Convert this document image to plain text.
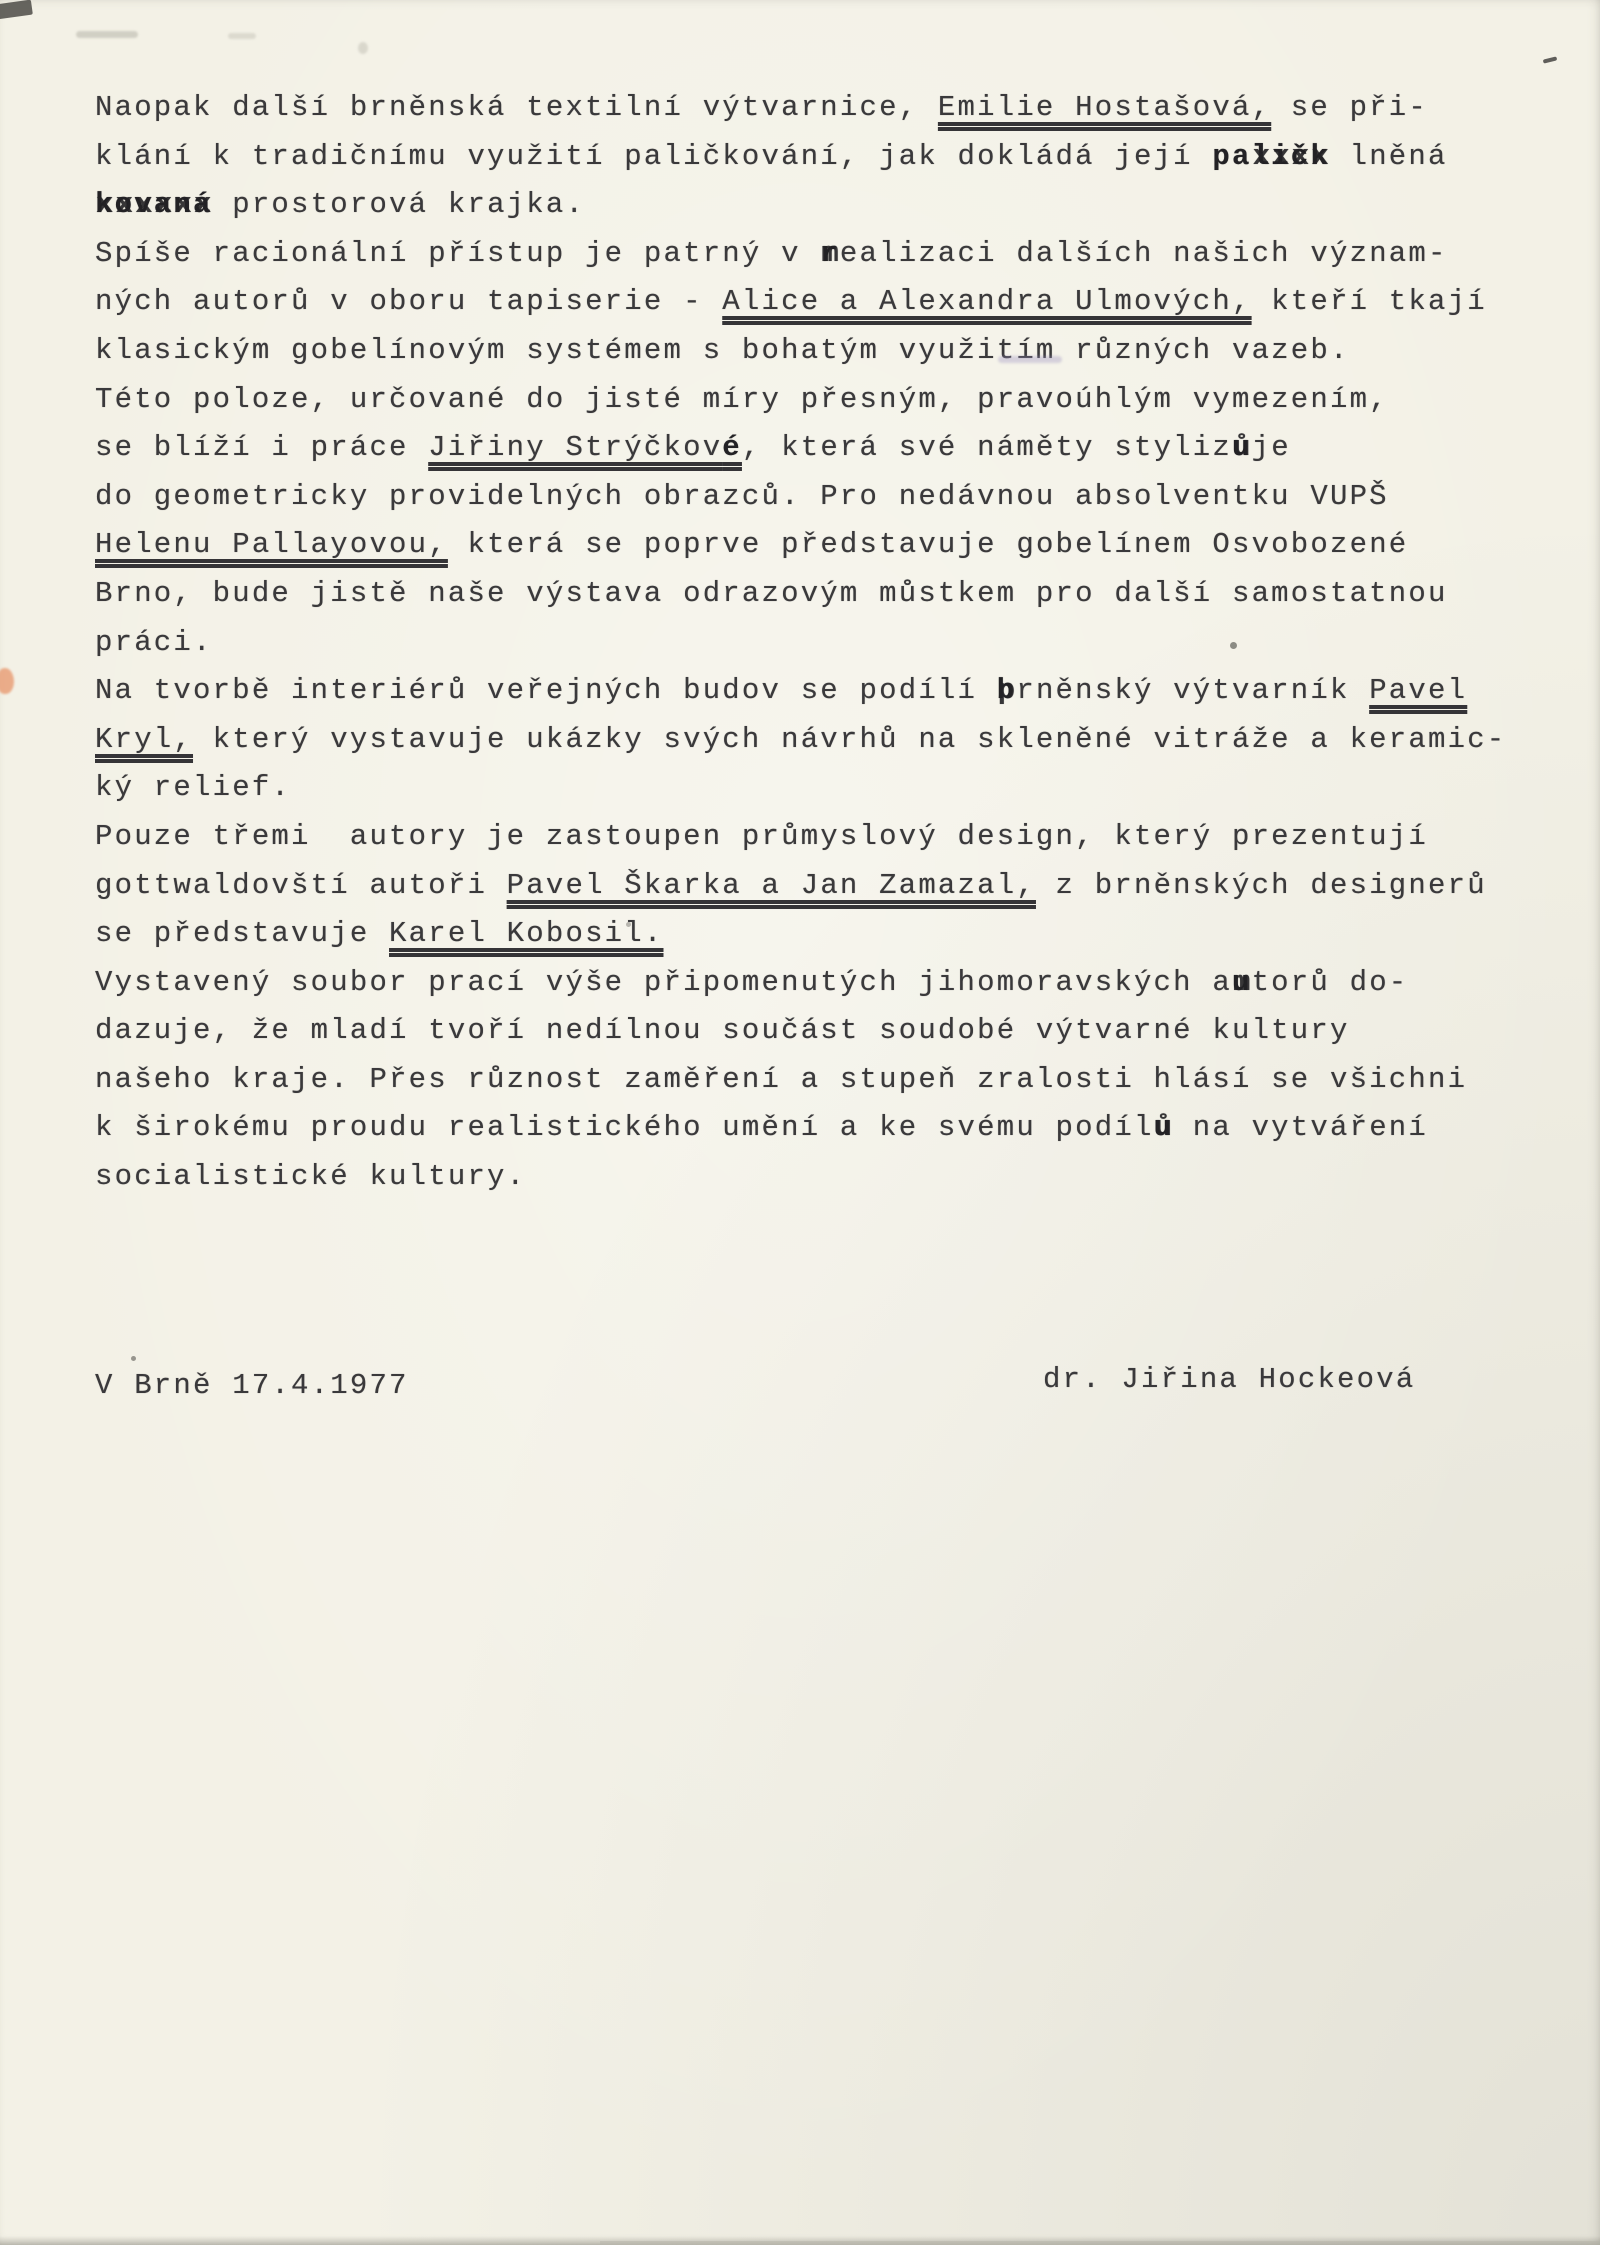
Naopak další brněnská textilní výtvarnice, Emilie Hostašová, se při-
klání k tradičnímu využití paličkování, jak dokládá její paličk  xxxx lněná
kovaná xxxxxx prostorová krajka.
Spíše racionální přístup je patrný v r mealizaci dalších našich význam-
ných autorů v oboru tapiserie - Alice a Alexandra Ulmových, kteří tkají
klasickým gobelínovým systémem s bohatým využitím různých vazeb.
Této poloze, určované do jisté míry přesným, pravoúhlým vymezením,
se blíží i práce Jiřiny Strýčkové, která své náměty stylizu ůje
do geometricky providelných obrazců. Pro nedávnou absolventku VUPŠ
Helenu Pallayovou, která se poprve představuje gobelínem Osvobozené
Brno, bude jistě naše výstava odrazovým můstkem pro další samostatnou
práci.
Na tvorbě interiérů veřejných budov se podílí b prněnský výtvarník Pavel
Kryl, který vystavuje ukázky svých návrhů na skleněné vitráže a keramic-
ký relief.
Pouze třemi  autory je zastoupen průmyslový design, který prezentují
gottwaldovští autoři Pavel Škarka a Jan Zamazal, z brněnských designerů
se představuje Karel Kobosil.
Vystavený soubor prací výše připomenutých jihomoravských au mtorů do-
dazuje, že mladí tvoří nedílnou součást soudobé výtvarné kultury
našeho kraje. Přes různost zaměření a stupeň zralosti hlásí se všichni
k širokému proudu realistického umění a ke svému podílu ů na vytváření
socialistické kultury.
V Brně 17.4.1977	dr. Jiřina Hockeová
